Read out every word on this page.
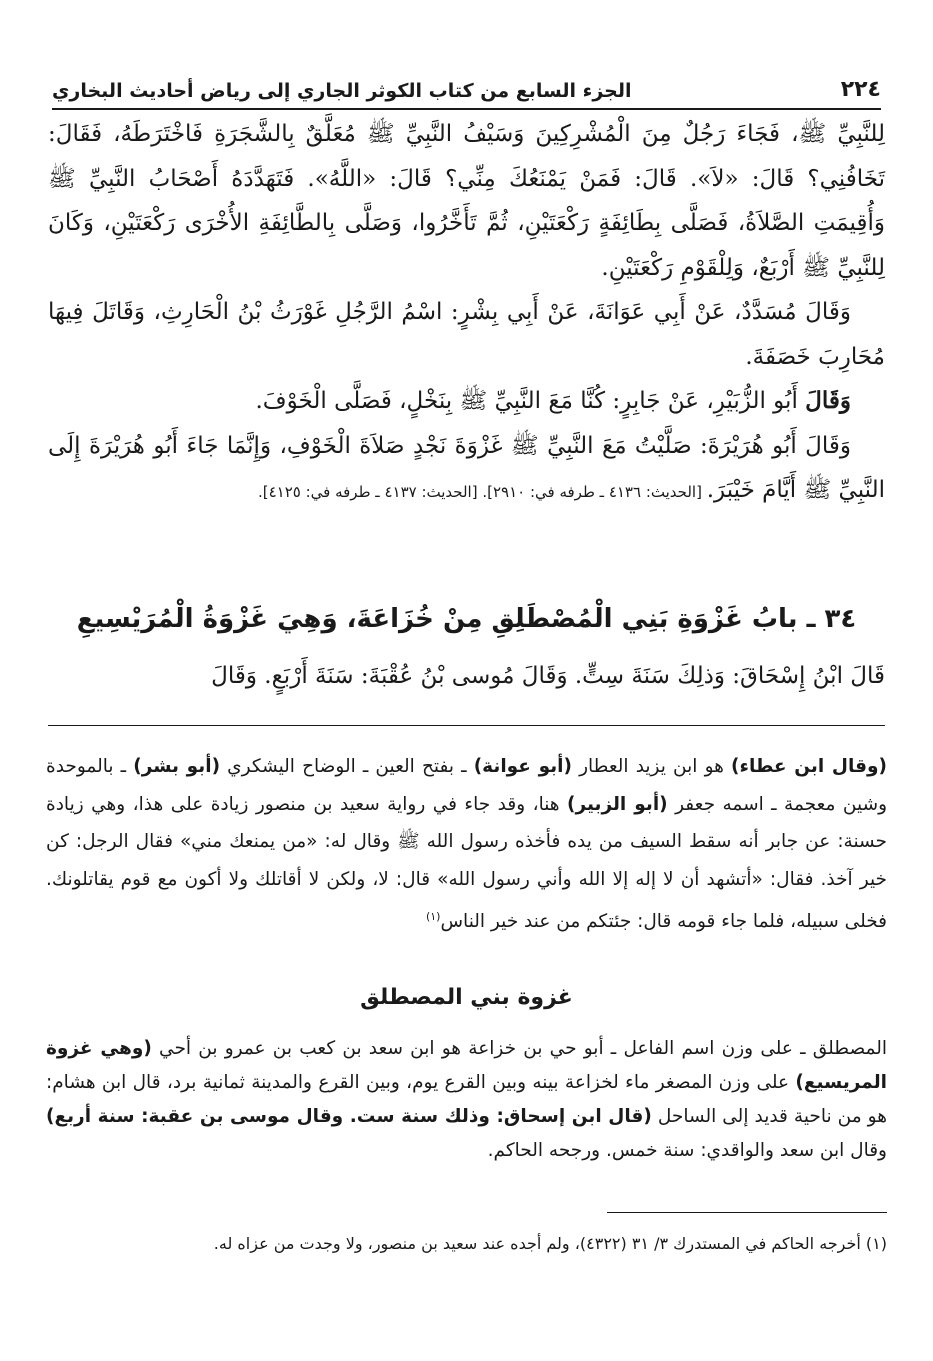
٢٢٤
الجزء السابع من كتاب الكوثر الجاري إلى رياض أحاديث البخاري

لِلنَّبِيِّ ﷺ، فَجَاءَ رَجُلٌ مِنَ الْمُشْرِكِينَ وَسَيْفُ النَّبِيِّ ﷺ مُعَلَّقٌ بِالشَّجَرَةِ فَاخْتَرَطَهُ، فَقَالَ: تَخَافُنِي؟ قَالَ: «لاَ». قَالَ: فَمَنْ يَمْنَعُكَ مِنِّي؟ قَالَ: «اللَّهُ». فَتَهَدَّدَهُ أَصْحَابُ النَّبِيِّ ﷺ وَأُقِيمَتِ الصَّلاَةُ، فَصَلَّى بِطَائِفَةٍ رَكْعَتَيْنِ، ثُمَّ تَأَخَّرُوا، وَصَلَّى بِالطَّائِفَةِ الأُخْرَى رَكْعَتَيْنِ، وَكَانَ لِلنَّبِيِّ ﷺ أَرْبَعٌ، وَلِلْقَوْمِ رَكْعَتَيْنِ.

وَقَالَ مُسَدَّدٌ، عَنْ أَبِي عَوَانَةَ، عَنْ أَبِي بِشْرٍ: اسْمُ الرَّجُلِ غَوْرَثُ بْنُ الْحَارِثِ، وَقَاتَلَ فِيهَا مُحَارِبَ خَصَفَةَ.

وَقَالَ أَبُو الزُّبَيْرِ، عَنْ جَابِرٍ: كُنَّا مَعَ النَّبِيِّ ﷺ بِنَخْلٍ، فَصَلَّى الْخَوْفَ.

وَقَالَ أَبُو هُرَيْرَةَ: صَلَّيْتُ مَعَ النَّبِيِّ ﷺ غَزْوَةَ نَجْدٍ صَلاَةَ الْخَوْفِ، وَإِنَّمَا جَاءَ أَبُو هُرَيْرَةَ إِلَى النَّبِيِّ ﷺ أَيَّامَ خَيْبَرَ. [الحديث: ٤١٣٦ ـ طرفه في: ٢٩١٠]. [الحديث: ٤١٣٧ ـ طرفه في: ٤١٢٥].

٣٤ ـ بابُ غَزْوَةِ بَنِي الْمُصْطَلِقِ مِنْ خُزَاعَةَ، وَهِيَ غَزْوَةُ الْمُرَيْسِيعِ
قَالَ ابْنُ إِسْحَاقَ: وَذلِكَ سَنَةَ سِتٍّ. وَقَالَ مُوسى بْنُ عُقْبَةَ: سَنَةَ أَرْبَعٍ. وَقَالَ

(وقال ابن عطاء) هو ابن يزيد العطار (أبو عوانة) ـ بفتح العين ـ الوضاح اليشكري (أبو بشر) ـ بالموحدة وشين معجمة ـ اسمه جعفر (أبو الزبير) هنا، وقد جاء في رواية سعيد بن منصور زيادة على هذا، وهي زيادة حسنة: عن جابر أنه سقط السيف من يده فأخذه رسول الله ﷺ وقال له: «من يمنعك مني» فقال الرجل: كن خير آخذ. فقال: «أتشهد أن لا إله إلا الله وأني رسول الله» قال: لا، ولكن لا أقاتلك ولا أكون مع قوم يقاتلونك. فخلى سبيله، فلما جاء قومه قال: جئتكم من عند خير الناس$^{(١)}$

غزوة بني المصطلق

المصطلق ـ على وزن اسم الفاعل ـ أبو حي بن خزاعة هو ابن سعد بن كعب بن عمرو بن أحي (وهي غزوة المريسيع) على وزن المصغر ماء لخزاعة بينه وبين القرع يوم، وبين القرع والمدينة ثمانية برد، قال ابن هشام: هو من ناحية قديد إلى الساحل (قال ابن إسحاق: وذلك سنة ست. وقال موسى بن عقبة: سنة أربع) وقال ابن سعد والواقدي: سنة خمس. ورجحه الحاكم.

(١) أخرجه الحاكم في المستدرك ٣/ ٣١ (٤٣٢٢)، ولم أجده عند سعيد بن منصور، ولا وجدت من عزاه له.
